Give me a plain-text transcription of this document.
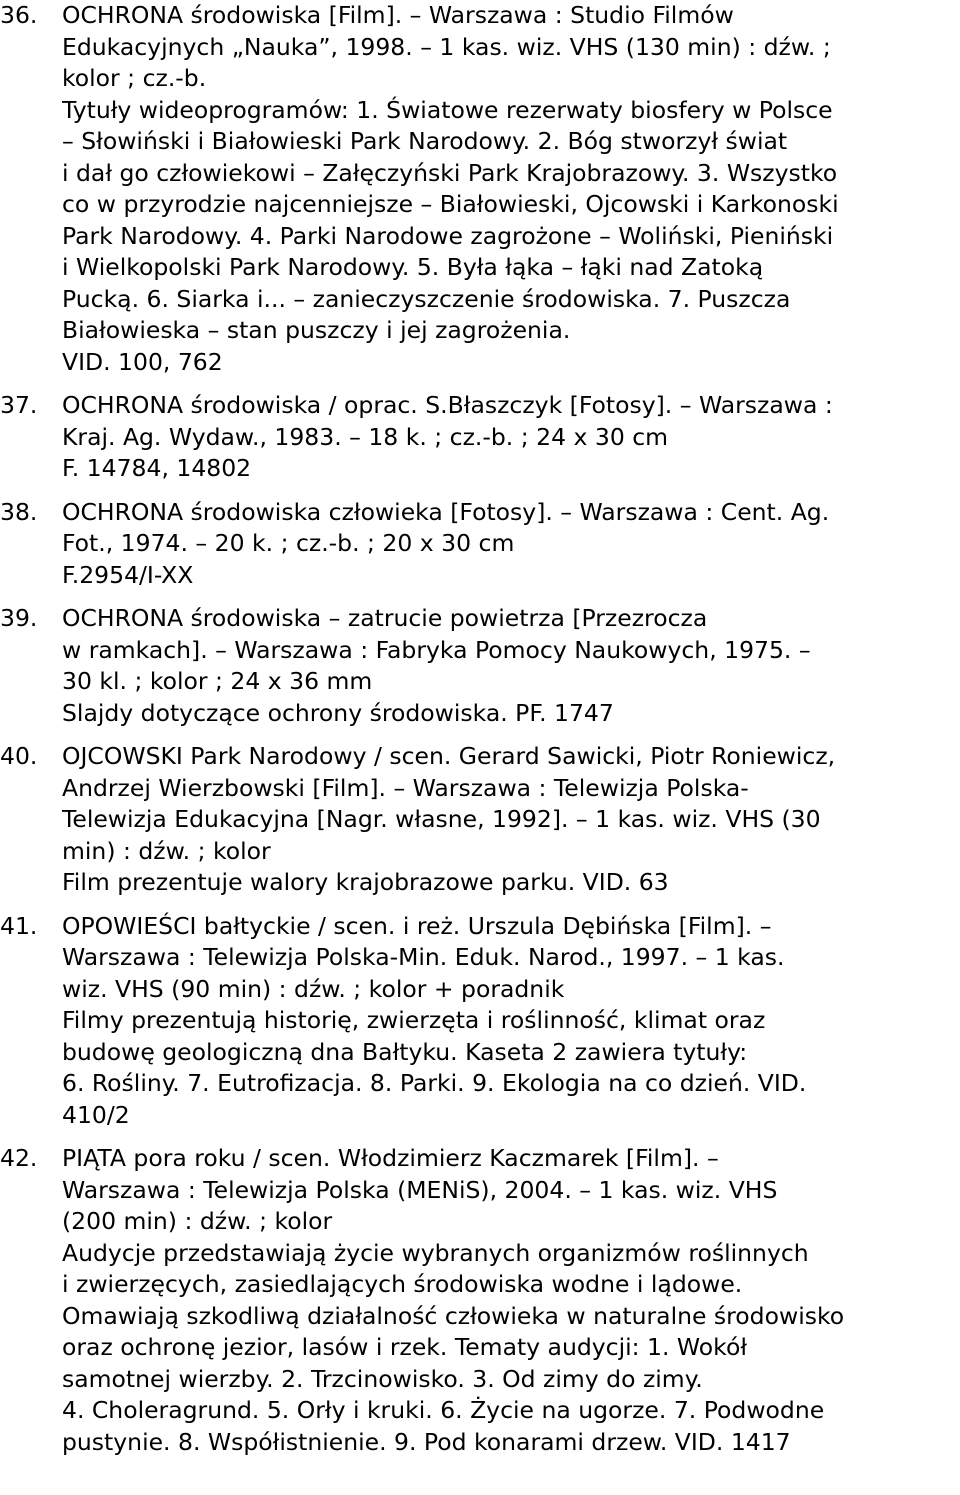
36.	OCHRONA środowiska [Film]. – Warszawa : Studio Filmów
Edukacyjnych „Nauka”, 1998. – 1 kas. wiz. VHS (130 min) : dźw. ;
kolor ; cz.-b.
Tytuły wideoprogramów: 1. Światowe rezerwaty biosfery w Polsce
– Słowiński i Białowieski Park Narodowy. 2. Bóg stworzył świat
i dał go człowiekowi – Załęczyński Park Krajobrazowy. 3. Wszystko
co w przyrodzie najcenniejsze – Białowieski, Ojcowski i Karkonoski
Park Narodowy. 4. Parki Narodowe zagrożone – Woliński, Pieniński
i Wielkopolski Park Narodowy. 5. Była łąka – łąki nad Zatoką
Pucką. 6. Siarka i... – zanieczyszczenie środowiska. 7. Puszcza
Białowieska – stan puszczy i jej zagrożenia.
VID. 100, 762
37.	OCHRONA środowiska / oprac. S.Błaszczyk [Fotosy]. – Warszawa :
Kraj. Ag. Wydaw., 1983. – 18 k. ; cz.-b. ; 24 x 30 cm
F. 14784, 14802
38.	OCHRONA środowiska człowieka [Fotosy]. – Warszawa : Cent. Ag.
Fot., 1974. – 20 k. ; cz.-b. ; 20 x 30 cm
F.2954/I-XX
39.	OCHRONA środowiska – zatrucie powietrza [Przezrocza
w ramkach]. – Warszawa : Fabryka Pomocy Naukowych, 1975. –
30 kl. ; kolor ; 24 x 36 mm
Slajdy dotyczące ochrony środowiska. PF. 1747
40.	OJCOWSKI Park Narodowy / scen. Gerard Sawicki, Piotr Roniewicz,
Andrzej Wierzbowski [Film]. – Warszawa : Telewizja Polska-
Telewizja Edukacyjna [Nagr. własne, 1992]. – 1 kas. wiz. VHS (30
min) : dźw. ; kolor
Film prezentuje walory krajobrazowe parku. VID. 63
41.	OPOWIEŚCI bałtyckie / scen. i reż. Urszula Dębińska [Film]. –
Warszawa : Telewizja Polska-Min. Eduk. Narod., 1997. – 1 kas.
wiz. VHS (90 min) : dźw. ; kolor + poradnik
Filmy prezentują historię, zwierzęta i roślinność, klimat oraz
budowę geologiczną dna Bałtyku. Kaseta 2 zawiera tytuły:
6. Rośliny. 7. Eutrofizacja. 8. Parki. 9. Ekologia na co dzień. VID.
410/2
42.	PIĄTA pora roku / scen. Włodzimierz Kaczmarek [Film]. –
Warszawa : Telewizja Polska (MENiS), 2004. – 1 kas. wiz. VHS
(200 min) : dźw. ; kolor
Audycje przedstawiają życie wybranych organizmów roślinnych
i zwierzęcych, zasiedlających środowiska wodne i lądowe.
Omawiają szkodliwą działalność człowieka w naturalne środowisko
oraz ochronę jezior, lasów i rzek. Tematy audycji: 1. Wokół
samotnej wierzby. 2. Trzcinowisko. 3. Od zimy do zimy.
4. Choleragrund. 5. Orły i kruki. 6. Życie na ugorze. 7. Podwodne
pustynie. 8. Współistnienie. 9. Pod konarami drzew. VID. 1417
